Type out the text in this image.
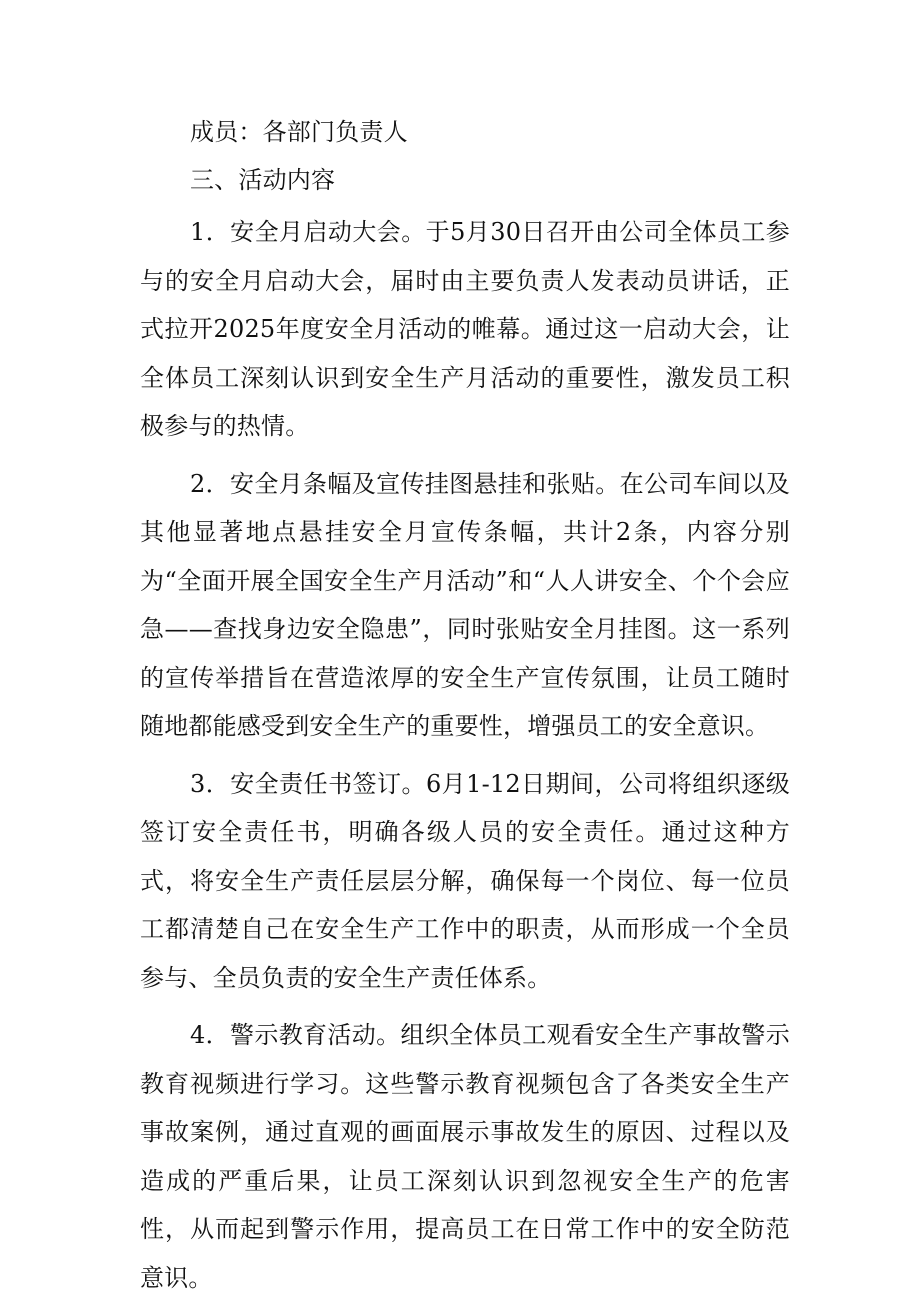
成员：各部门负责人
三、活动内容

1．安全月启动大会。于5月30日召开由公司全体员工参与的安全月启动大会，届时由主要负责人发表动员讲话，正式拉开2025年度安全月活动的帷幕。通过这一启动大会，让全体员工深刻认识到安全生产月活动的重要性，激发员工积极参与的热情。

2．安全月条幅及宣传挂图悬挂和张贴。在公司车间以及其他显著地点悬挂安全月宣传条幅，共计2条，内容分别为“全面开展全国安全生产月活动”和“人人讲安全、个个会应急——查找身边安全隐患”，同时张贴安全月挂图。这一系列的宣传举措旨在营造浓厚的安全生产宣传氛围，让员工随时随地都能感受到安全生产的重要性，增强员工的安全意识。

3．安全责任书签订。6月1-12日期间，公司将组织逐级签订安全责任书，明确各级人员的安全责任。通过这种方式，将安全生产责任层层分解，确保每一个岗位、每一位员工都清楚自己在安全生产工作中的职责，从而形成一个全员参与、全员负责的安全生产责任体系。

4．警示教育活动。组织全体员工观看安全生产事故警示教育视频进行学习。这些警示教育视频包含了各类安全生产事故案例，通过直观的画面展示事故发生的原因、过程以及造成的严重后果，让员工深刻认识到忽视安全生产的危害性，从而起到警示作用，提高员工在日常工作中的安全防范意识。
